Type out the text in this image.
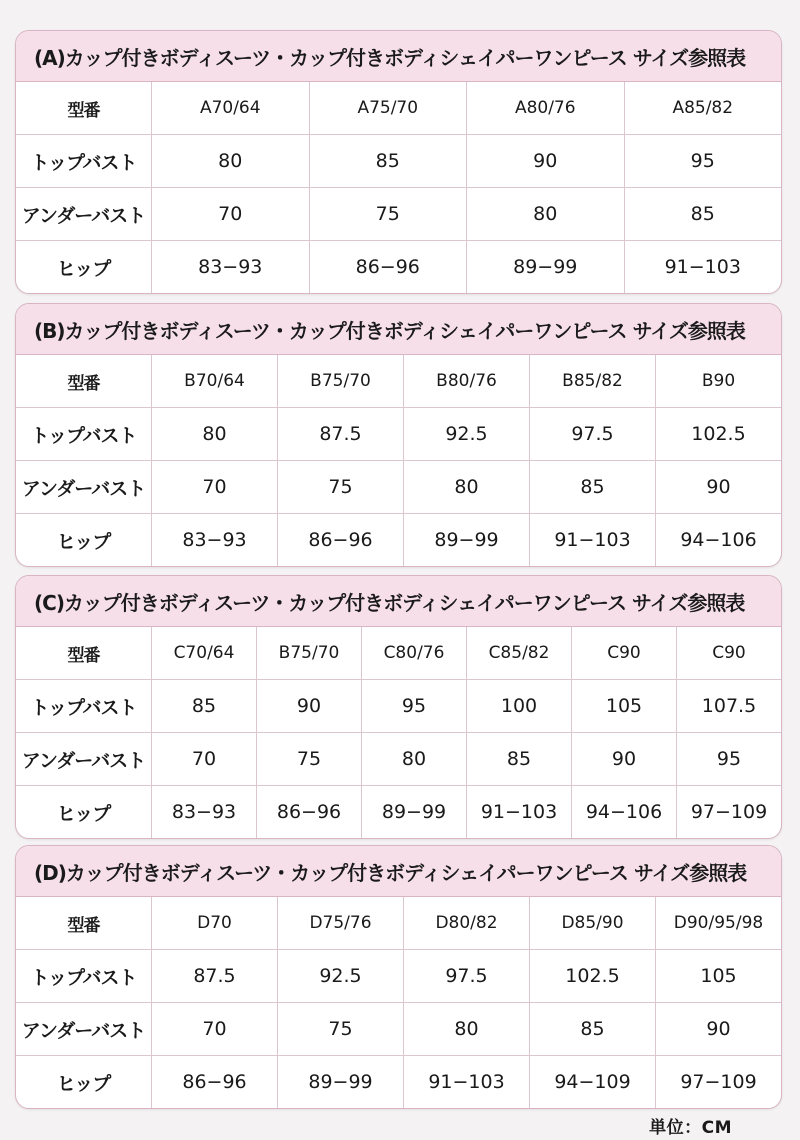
(A)カップ付きボディスーツ・カップ付きボディシェイパーワンピース サイズ参照表
型番	A70/64	A75/70	A80/76	A85/82
トップバスト	80	85	90	95
アンダーバスト	70	75	80	85
ヒップ	83−93	86−96	89−99	91−103
(B)カップ付きボディスーツ・カップ付きボディシェイパーワンピース サイズ参照表
型番	B70/64	B75/70	B80/76	B85/82	B90
トップバスト	80	87.5	92.5	97.5	102.5
アンダーバスト	70	75	80	85	90
ヒップ	83−93	86−96	89−99	91−103	94−106
(C)カップ付きボディスーツ・カップ付きボディシェイパーワンピース サイズ参照表
型番	C70/64	B75/70	C80/76	C85/82	C90	C90
トップバスト	85	90	95	100	105	107.5
アンダーバスト	70	75	80	85	90	95
ヒップ	83−93	86−96	89−99	91−103	94−106	97−109
(D)カップ付きボディスーツ・カップ付きボディシェイパーワンピース サイズ参照表
型番	D70	D75/76	D80/82	D85/90	D90/95/98
トップバスト	87.5	92.5	97.5	102.5	105
アンダーバスト	70	75	80	85	90
ヒップ	86−96	89−99	91−103	94−109	97−109
単位：CM
